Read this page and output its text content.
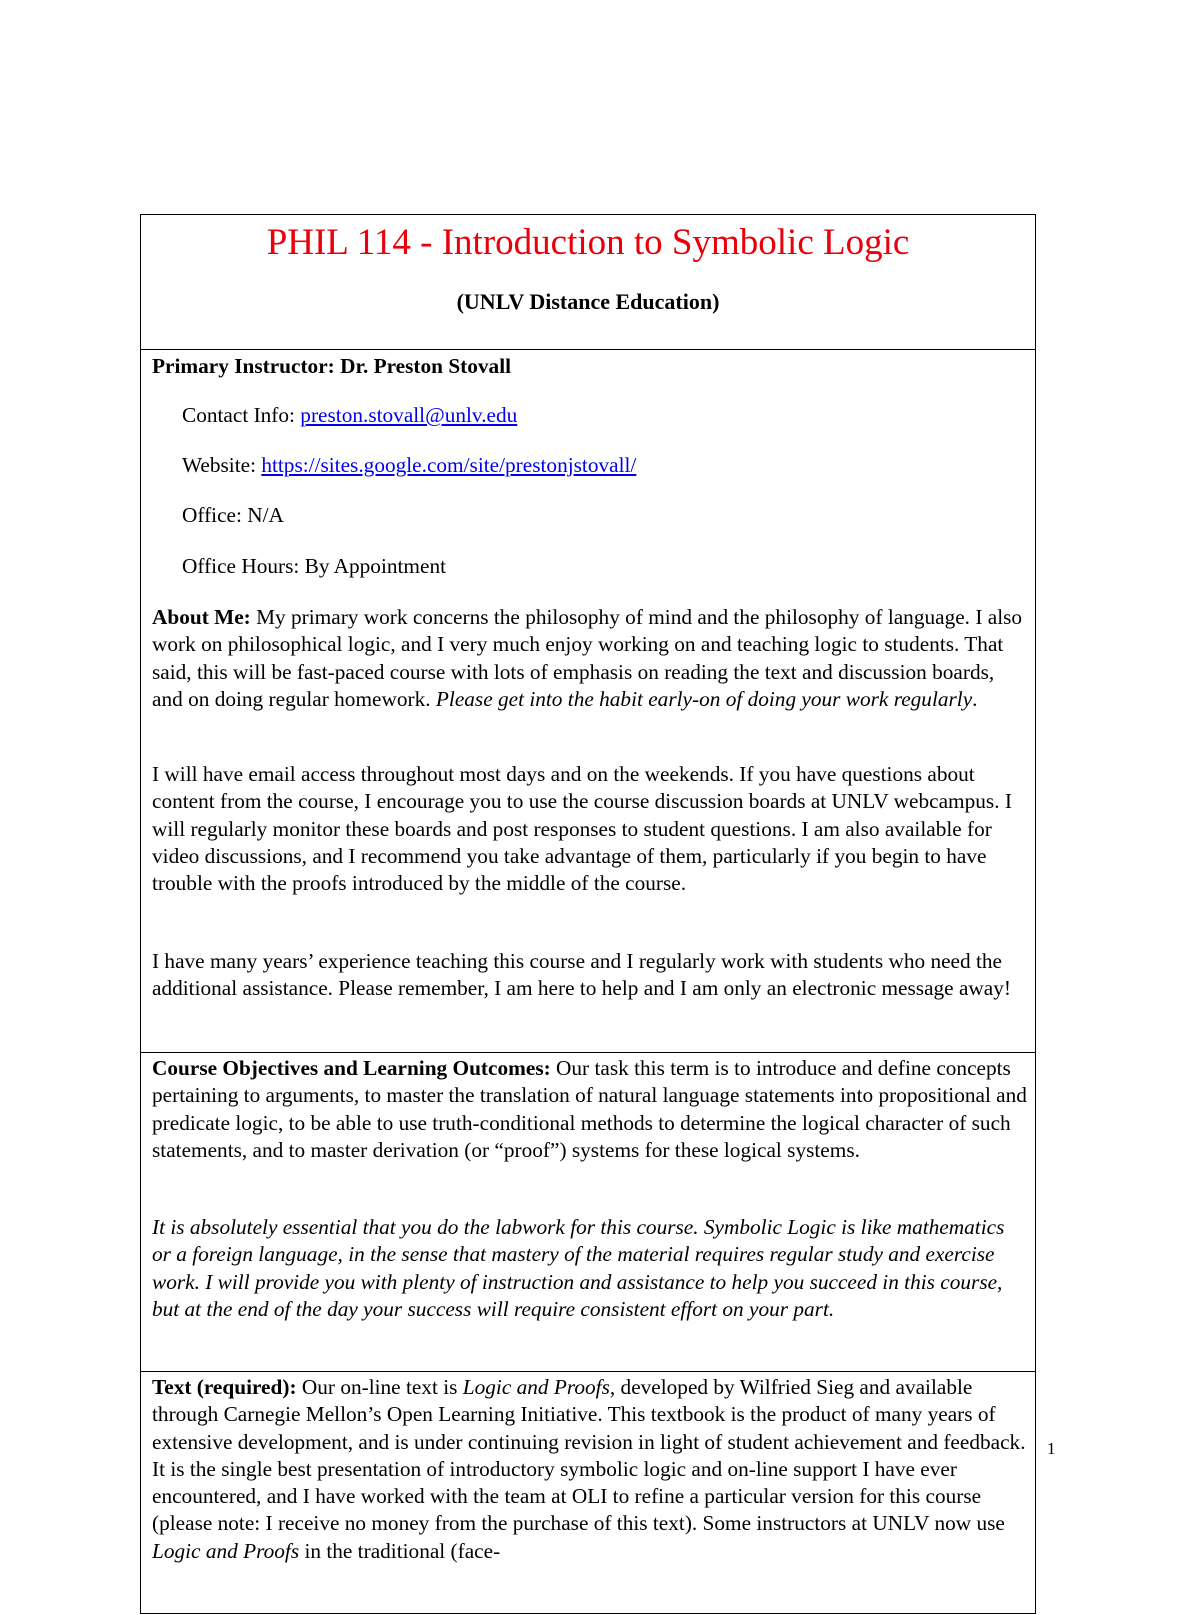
PHIL 114 - Introduction to Symbolic Logic
(UNLV Distance Education)
Primary Instructor: Dr. Preston Stovall
Contact Info: preston.stovall@unlv.edu
Website: https://sites.google.com/site/prestonjstovall/
Office: N/A
Office Hours: By Appointment
About Me: My primary work concerns the philosophy of mind and the philosophy of language. I also work on philosophical logic, and I very much enjoy working on and teaching logic to students. That said, this will be fast-paced course with lots of emphasis on reading the text and discussion boards, and on doing regular homework. Please get into the habit early-on of doing your work regularly.
I will have email access throughout most days and on the weekends. If you have questions about content from the course, I encourage you to use the course discussion boards at UNLV webcampus. I will regularly monitor these boards and post responses to student questions. I am also available for video discussions, and I recommend you take advantage of them, particularly if you begin to have trouble with the proofs introduced by the middle of the course.
I have many years’ experience teaching this course and I regularly work with students who need the additional assistance. Please remember, I am here to help and I am only an electronic message away!
Course Objectives and Learning Outcomes: Our task this term is to introduce and define concepts pertaining to arguments, to master the translation of natural language statements into propositional and predicate logic, to be able to use truth-conditional methods to determine the logical character of such statements, and to master derivation (or “proof”) systems for these logical systems.
It is absolutely essential that you do the labwork for this course. Symbolic Logic is like mathematics or a foreign language, in the sense that mastery of the material requires regular study and exercise work. I will provide you with plenty of instruction and assistance to help you succeed in this course, but at the end of the day your success will require consistent effort on your part.
Text (required): Our on-line text is Logic and Proofs, developed by Wilfried Sieg and available through Carnegie Mellon’s Open Learning Initiative. This textbook is the product of many years of extensive development, and is under continuing revision in light of student achievement and feedback. It is the single best presentation of introductory symbolic logic and on-line support I have ever encountered, and I have worked with the team at OLI to refine a particular version for this course (please note: I receive no money from the purchase of this text). Some instructors at UNLV now use Logic and Proofs in the traditional (face-
1
